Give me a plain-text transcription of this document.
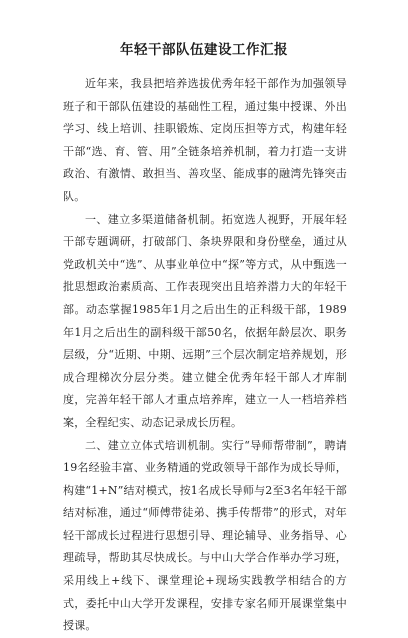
年轻干部队伍建设工作汇报

近年来，我县把培养选拔优秀年轻干部作为加强领导班子和干部队伍建设的基础性工程，通过集中授课、外出学习、线上培训、挂职锻炼、定岗压担等方式，构建年轻干部“选、育、管、用”全链条培养机制，着力打造一支讲政治、有激情、敢担当、善攻坚、能成事的融湾先锋突击队。

一、建立多渠道储备机制。拓宽选人视野，开展年轻干部专题调研，打破部门、条块界限和身份壁垒，通过从党政机关中“选”、从事业单位中“探”等方式，从中甄选一批思想政治素质高、工作表现突出且培养潜力大的年轻干部。动态掌握1985年1月之后出生的正科级干部，1989年1月之后出生的副科级干部50名，依据年龄层次、职务层级，分“近期、中期、远期”三个层次制定培养规划，形成合理梯次分层分类。建立健全优秀年轻干部人才库制度，完善年轻干部人才重点培养库，建立一人一档培养档案，全程纪实、动态记录成长历程。

二、建立立体式培训机制。实行“导师帮带制”，聘请19名经验丰富、业务精通的党政领导干部作为成长导师，构建“1+N”结对模式，按1名成长导师与2至3名年轻干部结对标准，通过“师傅带徒弟、携手传帮带”的形式，对年轻干部成长过程进行思想引导、理论辅导、业务指导、心理疏导，帮助其尽快成长。与中山大学合作举办学习班，采用线上+线下、课堂理论+现场实践教学相结合的方式，委托中山大学开发课程，安排专家名师开展课堂集中授课。
